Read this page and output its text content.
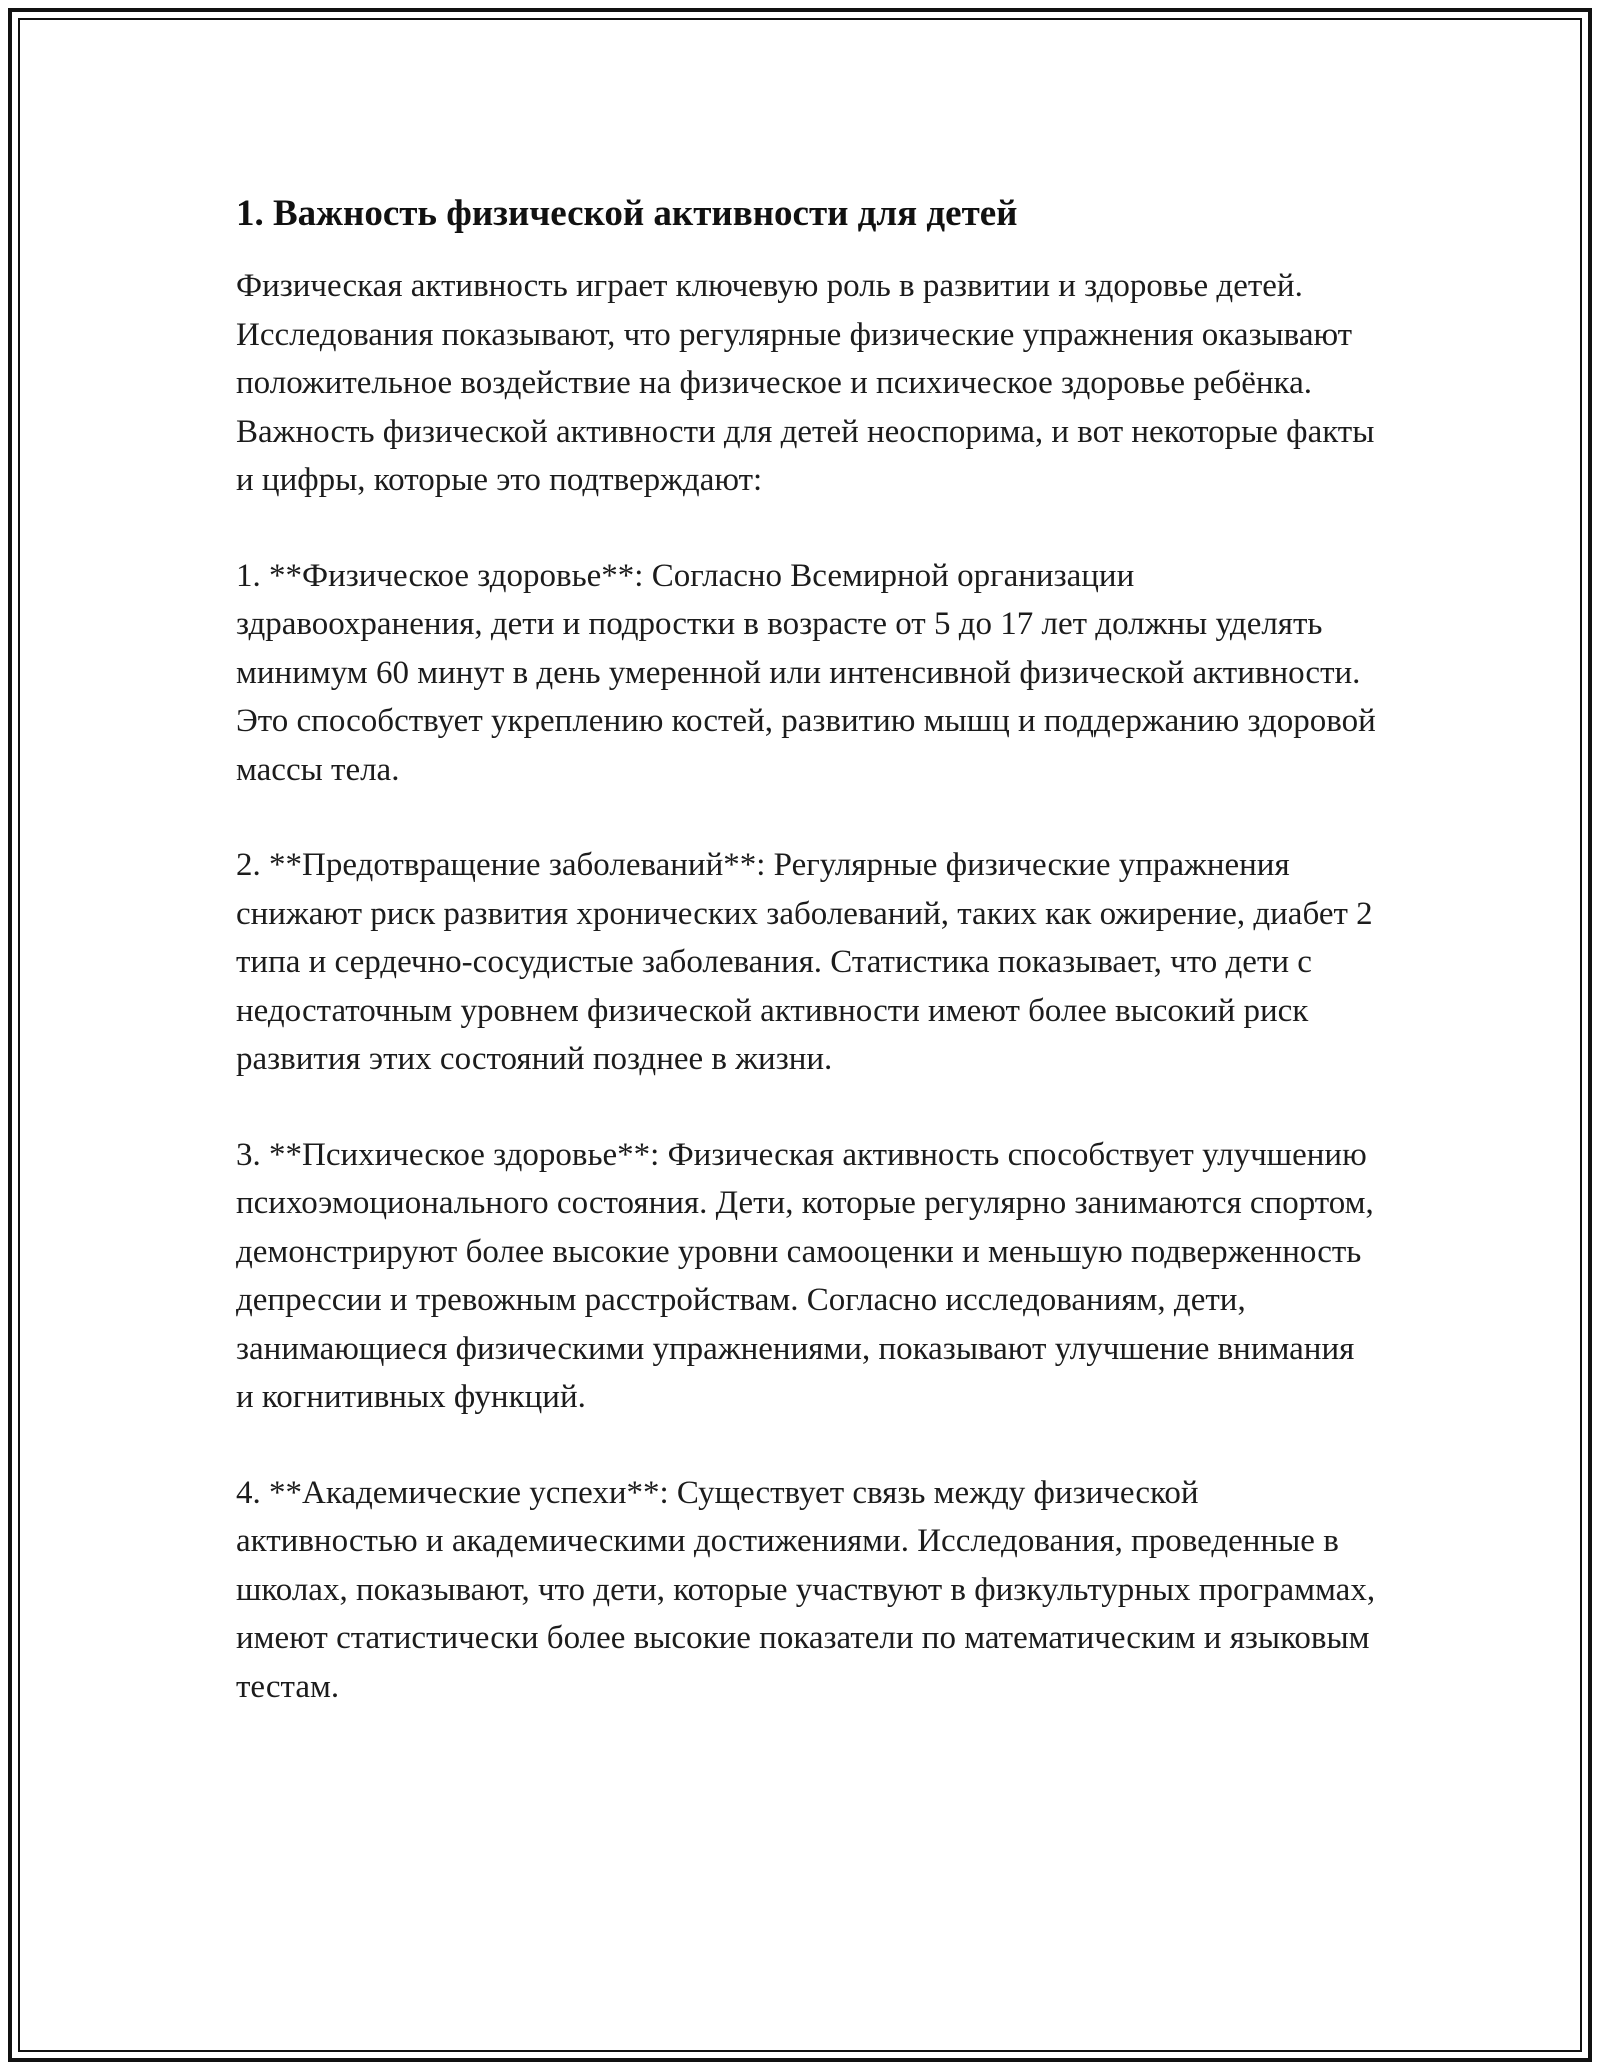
1. Важность физической активности для детей

Физическая активность играет ключевую роль в развитии и здоровье детей. Исследования показывают, что регулярные физические упражнения оказывают положительное воздействие на физическое и психическое здоровье ребёнка. Важность физической активности для детей неоспорима, и вот некоторые факты и цифры, которые это подтверждают:

1. **Физическое здоровье**: Согласно Всемирной организации здравоохранения, дети и подростки в возрасте от 5 до 17 лет должны уделять минимум 60 минут в день умеренной или интенсивной физической активности. Это способствует укреплению костей, развитию мышц и поддержанию здоровой массы тела.

2. **Предотвращение заболеваний**: Регулярные физические упражнения снижают риск развития хронических заболеваний, таких как ожирение, диабет 2 типа и сердечно-сосудистые заболевания. Статистика показывает, что дети с недостаточным уровнем физической активности имеют более высокий риск развития этих состояний позднее в жизни.

3. **Психическое здоровье**: Физическая активность способствует улучшению психоэмоционального состояния. Дети, которые регулярно занимаются спортом, демонстрируют более высокие уровни самооценки и меньшую подверженность депрессии и тревожным расстройствам. Согласно исследованиям, дети, занимающиеся физическими упражнениями, показывают улучшение внимания и когнитивных функций.

4. **Академические успехи**: Существует связь между физической активностью и академическими достижениями. Исследования, проведенные в школах, показывают, что дети, которые участвуют в физкультурных программах, имеют статистически более высокие показатели по математическим и языковым тестам.
